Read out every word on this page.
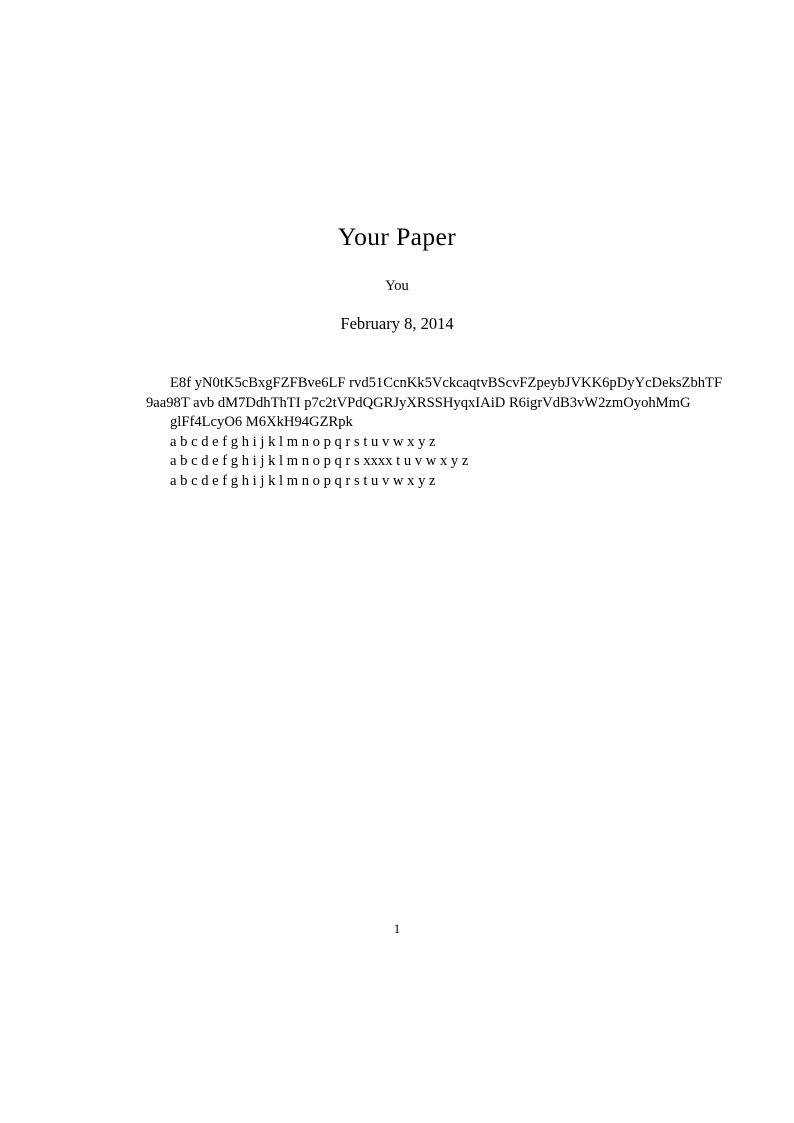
Your Paper
You
February 8, 2014
E8f yN0tK5cBxgFZFBve6LF rvd51CcnKk5VckcaqtvBScvFZpeybJVKK6pDyYcDeksZbhTF
9aa98T avb dM7DdhThTI p7c2tVPdQGRJyXRSSHyqxIAiD R6igrVdB3vW2zmOyohMmG
glFf4LcyO6 M6XkH94GZRpk
a b c d e f g h i j k l m n o p q r s t u v w x y z
a b c d e f g h i j k l m n o p q r s xxxx t u v w x y z
a b c d e f g h i j k l m n o p q r s t u v w x y z
1
